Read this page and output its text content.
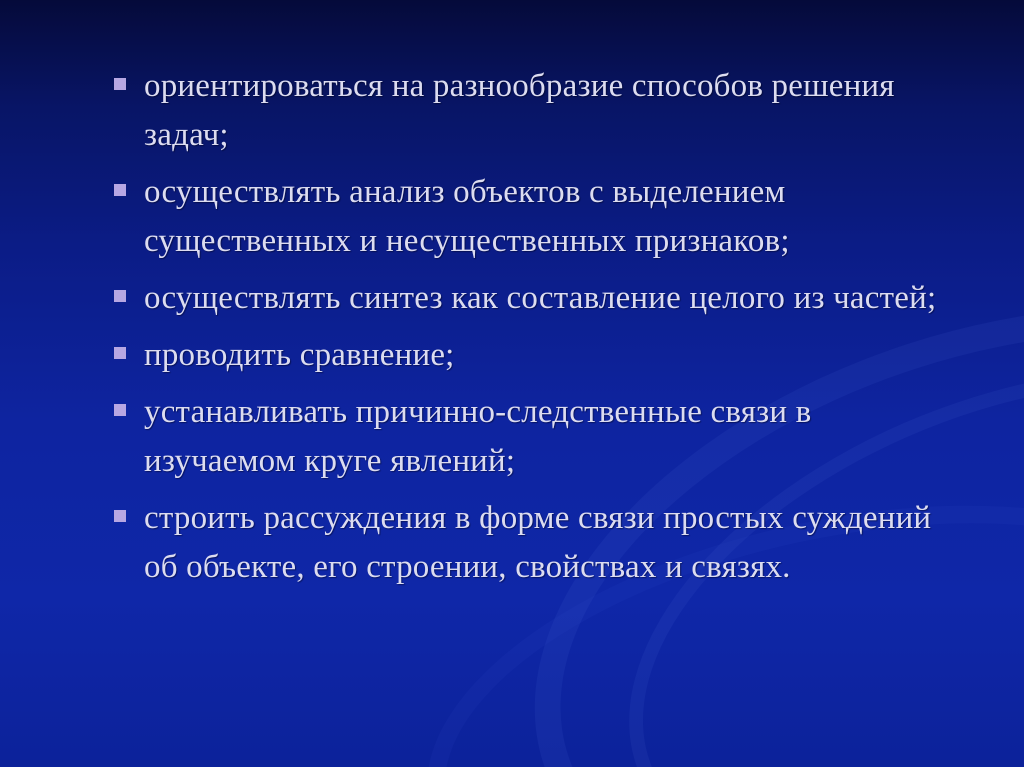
ориентироваться на разнообразие способов решения задач;
осуществлять анализ объектов с выделением существенных и несущественных признаков;
осуществлять синтез как составление целого из частей;
проводить сравнение;
устанавливать причинно-следственные связи в изучаемом круге явлений;
строить рассуждения в форме связи простых суждений об объекте, его строении, свойствах и связях.
